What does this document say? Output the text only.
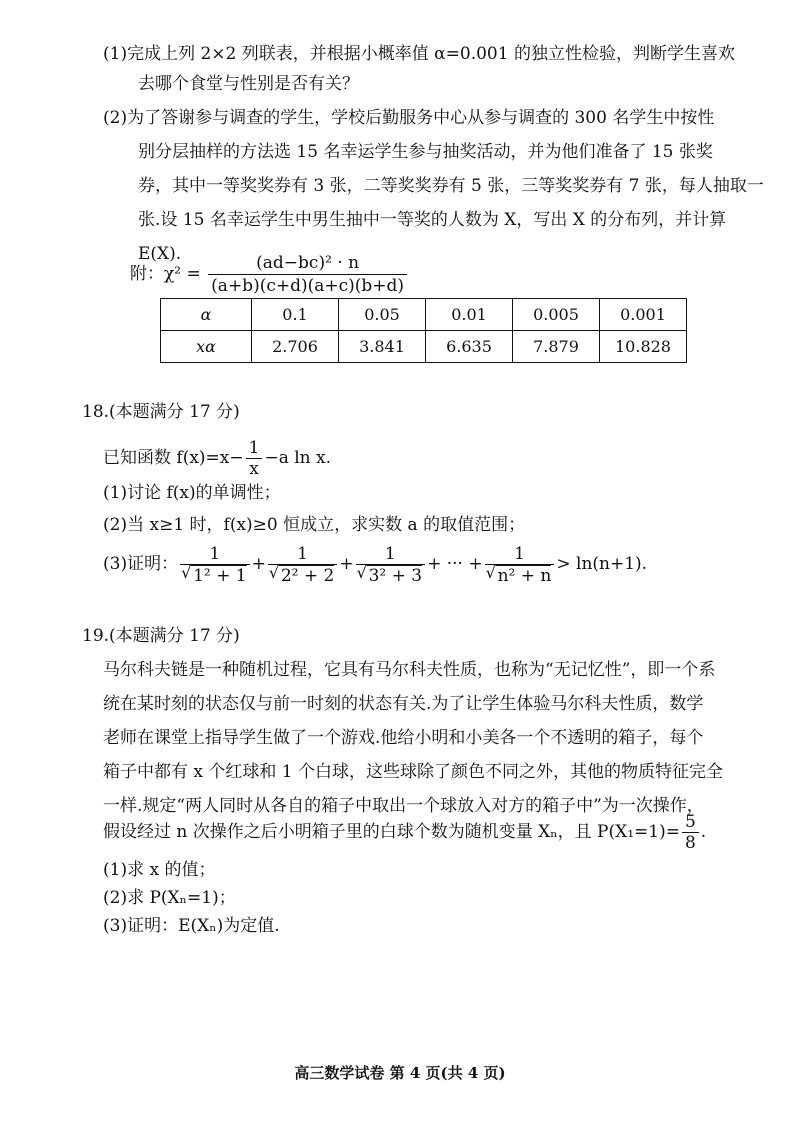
(1)完成上列 2×2 列联表，并根据小概率值 α=0.001 的独立性检验，判断学生喜欢
去哪个食堂与性别是否有关？
(2)为了答谢参与调查的学生，学校后勤服务中心从参与调查的 300 名学生中按性
别分层抽样的方法选 15 名幸运学生参与抽奖活动，并为他们准备了 15 张奖
券，其中一等奖奖券有 3 张，二等奖奖券有 5 张，三等奖奖券有 7 张，每人抽取一
张.设 15 名幸运学生中男生抽中一等奖的人数为 X，写出 X 的分布列，并计算
E(X).
附：$\chi^2 = \frac{\text{(ad−bc)² · n}}{(a+b)(c+d)(a+c)(b+d)}$
α	0.1	0.05	0.01	0.005	0.001
xα	2.706	3.841	6.635	7.879	10.828
18.(本题满分 17 分)
已知函数 $f(x)=x- \frac{1}{x} -a$ ln x.
(1)讨论 f(x)的单调性；
(2)当 x≥1 时，f(x)≥0 恒成立，求实数 a 的取值范围；
(3)证明： 1
√ 1² + 1 + 1
√ 2² + 2 + 1
√ 3² + 3 + ··· + 1
√ n² + n > ln(n+1).
19.(本题满分 17 分)
马尔科夫链是一种随机过程，它具有马尔科夫性质，也称为“无记忆性”，即一个系
统在某时刻的状态仅与前一时刻的状态有关.为了让学生体验马尔科夫性质，数学
老师在课堂上指导学生做了一个游戏.他给小明和小美各一个不透明的箱子，每个
箱子中都有 x 个红球和 1 个白球，这些球除了颜色不同之外，其他的物质特征完全
一样.规定“两人同时从各自的箱子中取出一个球放入对方的箱子中”为一次操作，
假设经过 n 次操作之后小明箱子里的白球个数为随机变量 Xₙ，且 $P(X_1=1)= \frac{5}{8}$ .
(1)求 x 的值；
(2)求 P(Xₙ=1)；
(3)证明：E(Xₙ)为定值.
高三数学试卷 第 4 页(共 4 页)
